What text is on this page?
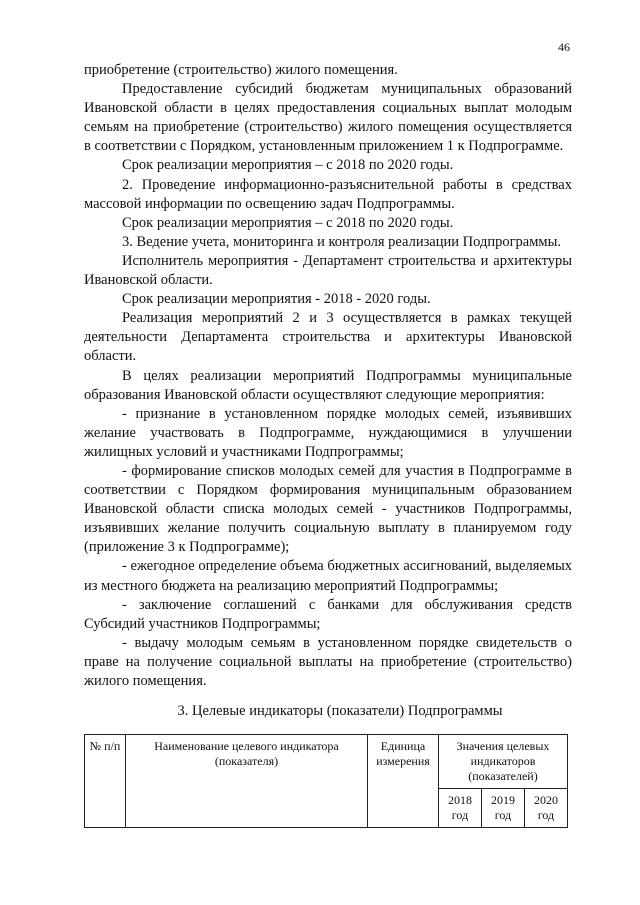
46

приобретение (строительство) жилого помещения.

Предоставление субсидий бюджетам муниципальных образований Ивановской области в целях предоставления социальных выплат молодым семьям на приобретение (строительство) жилого помещения осуществляется в соответствии с Порядком, установленным приложением 1 к Подпрограмме.

Срок реализации мероприятия – с 2018 по 2020 годы.

2. Проведение информационно-разъяснительной работы в средствах массовой информации по освещению задач Подпрограммы.

Срок реализации мероприятия – с 2018 по 2020 годы.

3. Ведение учета, мониторинга и контроля реализации Подпрограммы.

Исполнитель мероприятия - Департамент строительства и архитектуры Ивановской области.

Срок реализации мероприятия - 2018 - 2020 годы.

Реализация мероприятий 2 и 3 осуществляется в рамках текущей деятельности Департамента строительства и архитектуры Ивановской области.

В целях реализации мероприятий Подпрограммы муниципальные образования Ивановской области осуществляют следующие мероприятия:

- признание в установленном порядке молодых семей, изъявивших желание участвовать в Подпрограмме, нуждающимися в улучшении жилищных условий и участниками Подпрограммы;

- формирование списков молодых семей для участия в Подпрограмме в соответствии с Порядком формирования муниципальным образованием Ивановской области списка молодых семей - участников Подпрограммы, изъявивших желание получить социальную выплату в планируемом году (приложение 3 к Подпрограмме);

- ежегодное определение объема бюджетных ассигнований, выделяемых из местного бюджета на реализацию мероприятий Подпрограммы;

- заключение соглашений с банками для обслуживания средств Субсидий участников Подпрограммы;

- выдачу молодым семьям в установленном порядке свидетельств о праве на получение социальной выплаты на приобретение (строительство) жилого помещения.

3. Целевые индикаторы (показатели) Подпрограммы
№ п/п	Наименование целевого индикатора (показателя)	Единица измерения	Значения целевых индикаторов (показателей)		
			2018 год	2019 год	2020 год
